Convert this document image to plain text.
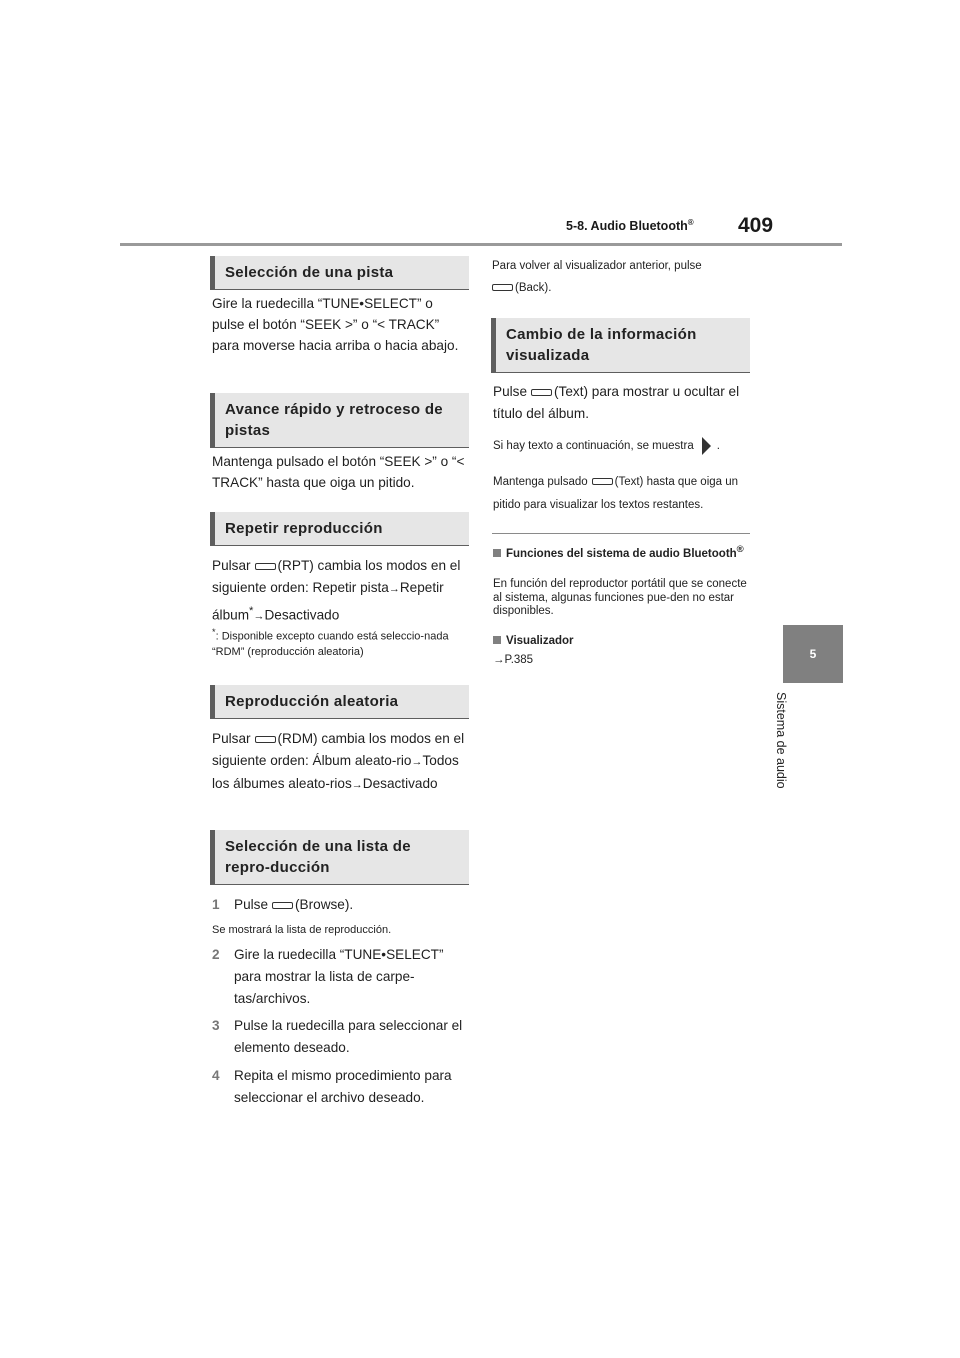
5-8. Audio Bluetooth® 409
5
Sistema de audio
Selección de una pista
Gire la ruedecilla “TUNE•SELECT” o pulse el botón “SEEK >” o “< TRACK” para moverse hacia arriba o hacia abajo.
Avance rápido y retroceso de pistas
Mantenga pulsado el botón “SEEK >” o “< TRACK” hasta que oiga un pitido.
Repetir reproducción
Pulsar (RPT) cambia los modos en el siguiente orden: Repetir pista→Repetir álbum*→Desactivado
*: Disponible excepto cuando está seleccio-nada “RDM” (reproducción aleatoria)
Reproducción aleatoria
Pulsar (RDM) cambia los modos en el siguiente orden: Álbum aleato-rio→Todos los álbumes aleato-rios→Desactivado
Selección de una lista de repro-ducción
1 Pulse (Browse).
Se mostrará la lista de reproducción.
2	Gire la ruedecilla “TUNE•SELECT” para mostrar la lista de carpe-tas/archivos.
3	Pulse la ruedecilla para seleccionar el elemento deseado.
4	Repita el mismo procedimiento para seleccionar el archivo deseado.
Para volver al visualizador anterior, pulse
(Back).
Cambio de la información visualizada
Pulse (Text) para mostrar u ocultar el título del álbum.
Si hay texto a continuación, se muestra .
Mantenga pulsado (Text) hasta que oiga un pitido para visualizar los textos restantes.
Funciones del sistema de audio Bluetooth®
En función del reproductor portátil que se conecte al sistema, algunas funciones pue-den no estar disponibles.
Visualizador
→P.385
